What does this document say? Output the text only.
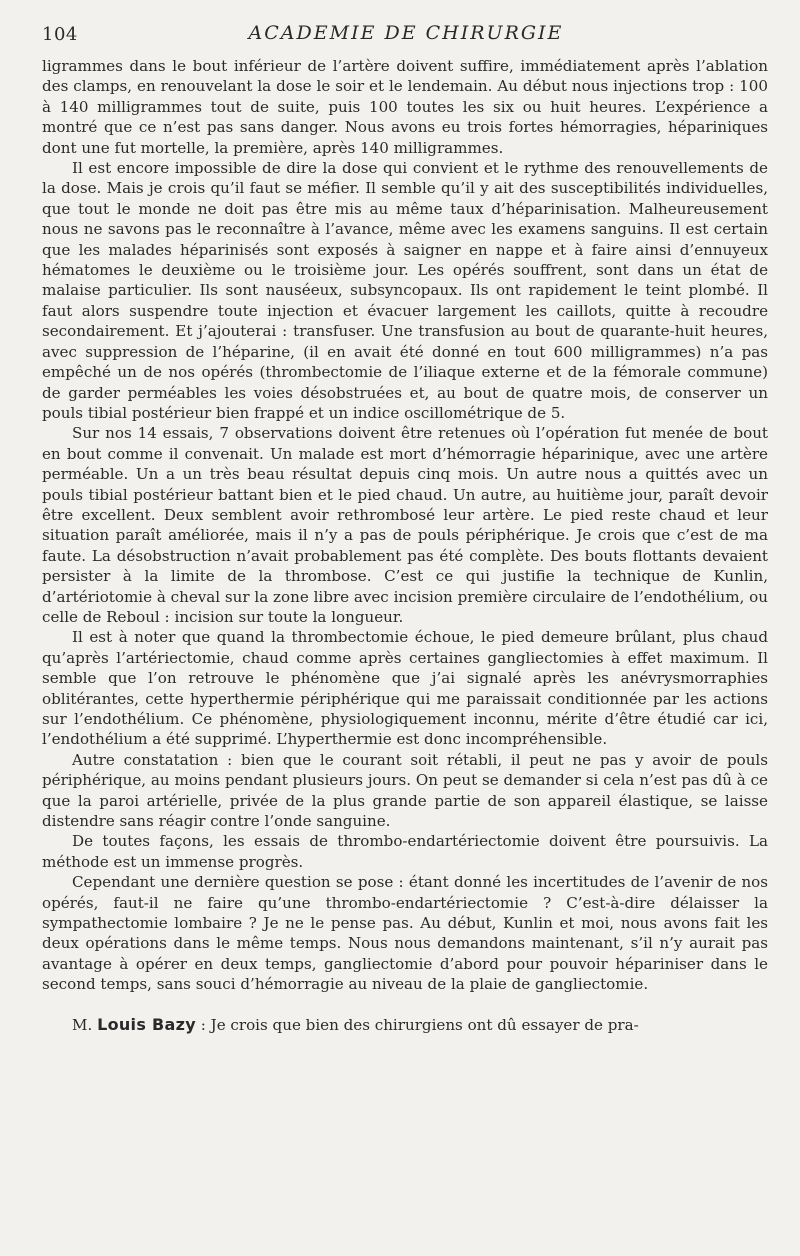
104	ACADEMIE DE CHIRURGIE

ligrammes dans le bout inférieur de l’artère doivent suffire, immédiatement après l’ablation des clamps, en renouvelant la dose le soir et le lendemain. Au début nous injections trop : 100 à 140 milligrammes tout de suite, puis 100 toutes les six ou huit heures. L’expérience a montré que ce n’est pas sans danger. Nous avons eu trois fortes hémorragies, hépariniques dont une fut mortelle, la première, après 140 milligrammes.

Il est encore impossible de dire la dose qui convient et le rythme des renouvellements de la dose. Mais je crois qu’il faut se méfier. Il semble qu’il y ait des susceptibilités individuelles, que tout le monde ne doit pas être mis au même taux d’héparinisation. Malheureusement nous ne savons pas le reconnaître à l’avance, même avec les examens sanguins. Il est certain que les malades héparinisés sont exposés à saigner en nappe et à faire ainsi d’ennuyeux hématomes le deuxième ou le troisième jour. Les opérés souffrent, sont dans un état de malaise particulier. Ils sont nauséeux, subsyncopaux. Ils ont rapidement le teint plombé. Il faut alors suspendre toute injection et évacuer largement les caillots, quitte à recoudre secondairement. Et j’ajouterai : transfuser. Une transfusion au bout de quarante-huit heures, avec suppression de l’héparine, (il en avait été donné en tout 600 milligrammes) n’a pas empêché un de nos opérés (thrombectomie de l’iliaque externe et de la fémorale commune) de garder perméables les voies désobstruées et, au bout de quatre mois, de conserver un pouls tibial postérieur bien frappé et un indice oscillométrique de 5.

Sur nos 14 essais, 7 observations doivent être retenues où l’opération fut menée de bout en bout comme il convenait. Un malade est mort d’hémorragie héparinique, avec une artère perméable. Un a un très beau résultat depuis cinq mois. Un autre nous a quittés avec un pouls tibial postérieur battant bien et le pied chaud. Un autre, au huitième jour, paraît devoir être excellent. Deux semblent avoir rethrombosé leur artère. Le pied reste chaud et leur situation paraît améliorée, mais il n’y a pas de pouls périphérique. Je crois que c’est de ma faute. La désobstruction n’avait probablement pas été complète. Des bouts flottants devaient persister à la limite de la thrombose. C’est ce qui justifie la technique de Kunlin, d’artériotomie à cheval sur la zone libre avec incision première circulaire de l’endothélium, ou celle de Reboul : incision sur toute la longueur.

Il est à noter que quand la thrombectomie échoue, le pied demeure brûlant, plus chaud qu’après l’artériectomie, chaud comme après certaines gangliectomies à effet maximum. Il semble que l’on retrouve le phénomène que j’ai signalé après les anévrysmorraphies oblitérantes, cette hyperthermie périphérique qui me paraissait conditionnée par les actions sur l’endothélium. Ce phénomène, physiologiquement inconnu, mérite d’être étudié car ici, l’endothélium a été supprimé. L’hyperthermie est donc incompréhensible.

Autre constatation : bien que le courant soit rétabli, il peut ne pas y avoir de pouls périphérique, au moins pendant plusieurs jours. On peut se demander si cela n’est pas dû à ce que la paroi artérielle, privée de la plus grande partie de son appareil élastique, se laisse distendre sans réagir contre l’onde sanguine.

De toutes façons, les essais de thrombo-endartériectomie doivent être poursuivis. La méthode est un immense progrès.

Cependant une dernière question se pose : étant donné les incertitudes de l’avenir de nos opérés, faut-il ne faire qu’une thrombo-endartériectomie ? C’est-à-dire délaisser la sympathectomie lombaire ? Je ne le pense pas. Au début, Kunlin et moi, nous avons fait les deux opérations dans le même temps. Nous nous demandons maintenant, s’il n’y aurait pas avantage à opérer en deux temps, gangliectomie d’abord pour pouvoir hépariniser dans le second temps, sans souci d’hémorragie au niveau de la plaie de gangliectomie.

M. Louis Bazy : Je crois que bien des chirurgiens ont dû essayer de pra-
